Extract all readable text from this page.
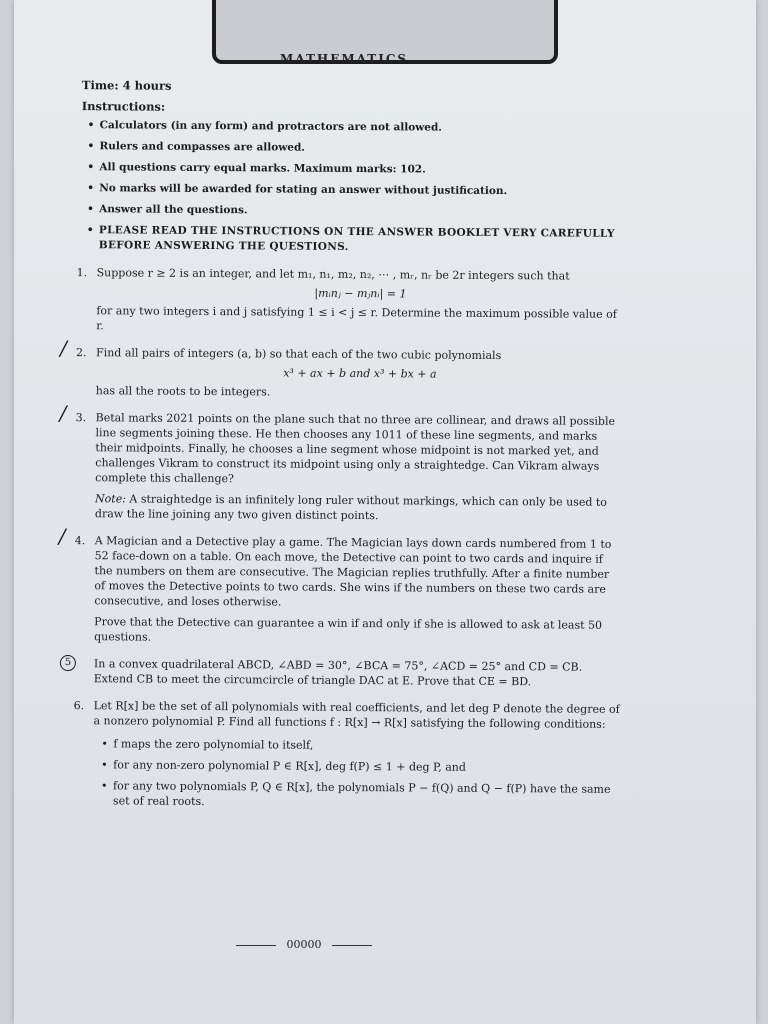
MATHEMATICS
Time: 4 hours
Instructions:
• Calculators (in any form) and protractors are not allowed.
• Rulers and compasses are allowed.
• All questions carry equal marks. Maximum marks: 102.
• No marks will be awarded for stating an answer without justification.
• Answer all the questions.
• PLEASE READ THE INSTRUCTIONS ON THE ANSWER BOOKLET VERY CAREFULLY BEFORE ANSWERING THE QUESTIONS.
1. Suppose r ≥ 2 is an integer, and let m₁, n₁, m₂, n₂, ⋯ , mᵣ, nᵣ be 2r integers such that
|mᵢnⱼ − mⱼnᵢ| = 1
for any two integers i and j satisfying 1 ≤ i < j ≤ r. Determine the maximum possible value of r.
/ 2. Find all pairs of integers (a, b) so that each of the two cubic polynomials
x³ + ax + b and x³ + bx + a
has all the roots to be integers.
/ 3. Betal marks 2021 points on the plane such that no three are collinear, and draws all possible line segments joining these. He then chooses any 1011 of these line segments, and marks their midpoints. Finally, he chooses a line segment whose midpoint is not marked yet, and challenges Vikram to construct its midpoint using only a straightedge. Can Vikram always complete this challenge?
Note: A straightedge is an infinitely long ruler without markings, which can only be used to draw the line joining any two given distinct points.
/ 4. A Magician and a Detective play a game. The Magician lays down cards numbered from 1 to 52 face-down on a table. On each move, the Detective can point to two cards and inquire if the numbers on them are consecutive. The Magician replies truthfully. After a finite number of moves the Detective points to two cards. She wins if the numbers on these two cards are consecutive, and loses otherwise.
Prove that the Detective can guarantee a win if and only if she is allowed to ask at least 50 questions.
5	In a convex quadrilateral ABCD, ∠ABD = 30°, ∠BCA = 75°, ∠ACD = 25° and CD = CB. Extend CB to meet the circumcircle of triangle DAC at E. Prove that CE = BD.
6. Let R[x] be the set of all polynomials with real coefficients, and let deg P denote the degree of a nonzero polynomial P. Find all functions f : R[x] → R[x] satisfying the following conditions:
• f maps the zero polynomial to itself,
• for any non-zero polynomial P ∈ R[x], deg f(P) ≤ 1 + deg P, and
• for any two polynomials P, Q ∈ R[x], the polynomials P − f(Q) and Q − f(P) have the same set of real roots.
00000
